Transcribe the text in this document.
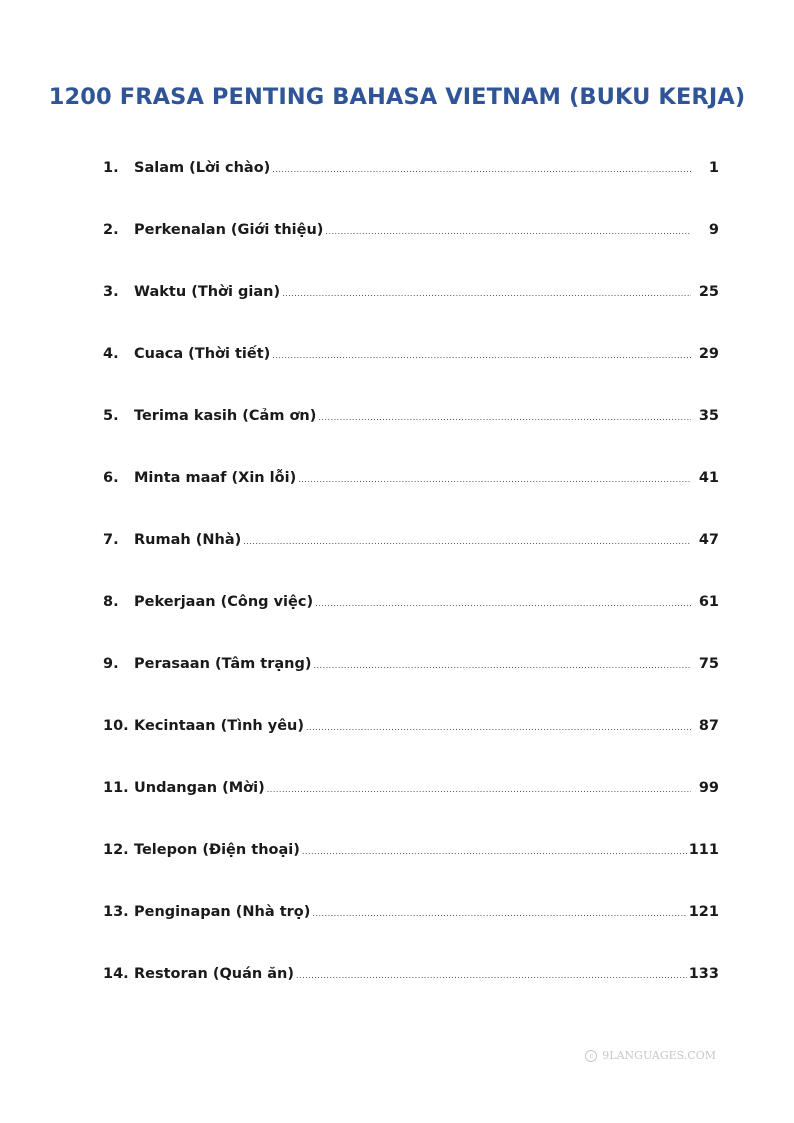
1200 FRASA PENTING BAHASA VIETNAM (BUKU KERJA)
1.	Salam (Lời chào) .....	1
2.	Perkenalan (Giới thiệu) .....	9
3.	Waktu (Thời gian) .....	25
4.	Cuaca (Thời tiết) .....	29
5.	Terima kasih (Cảm ơn) .....	35
6.	Minta maaf (Xin lỗi) .....	41
7.	Rumah (Nhà) .....	47
8.	Pekerjaan (Công việc) .....	61
9.	Perasaan (Tâm trạng) .....	75
10. Kecintaan (Tình yêu) .....	87
11. Undangan (Mời) .....	99
12. Telepon (Điện thoại) .....	111
13. Penginapan (Nhà trọ) .....	121
14. Restoran (Quán ăn) .....	133
c 9LANGUAGES.COM
